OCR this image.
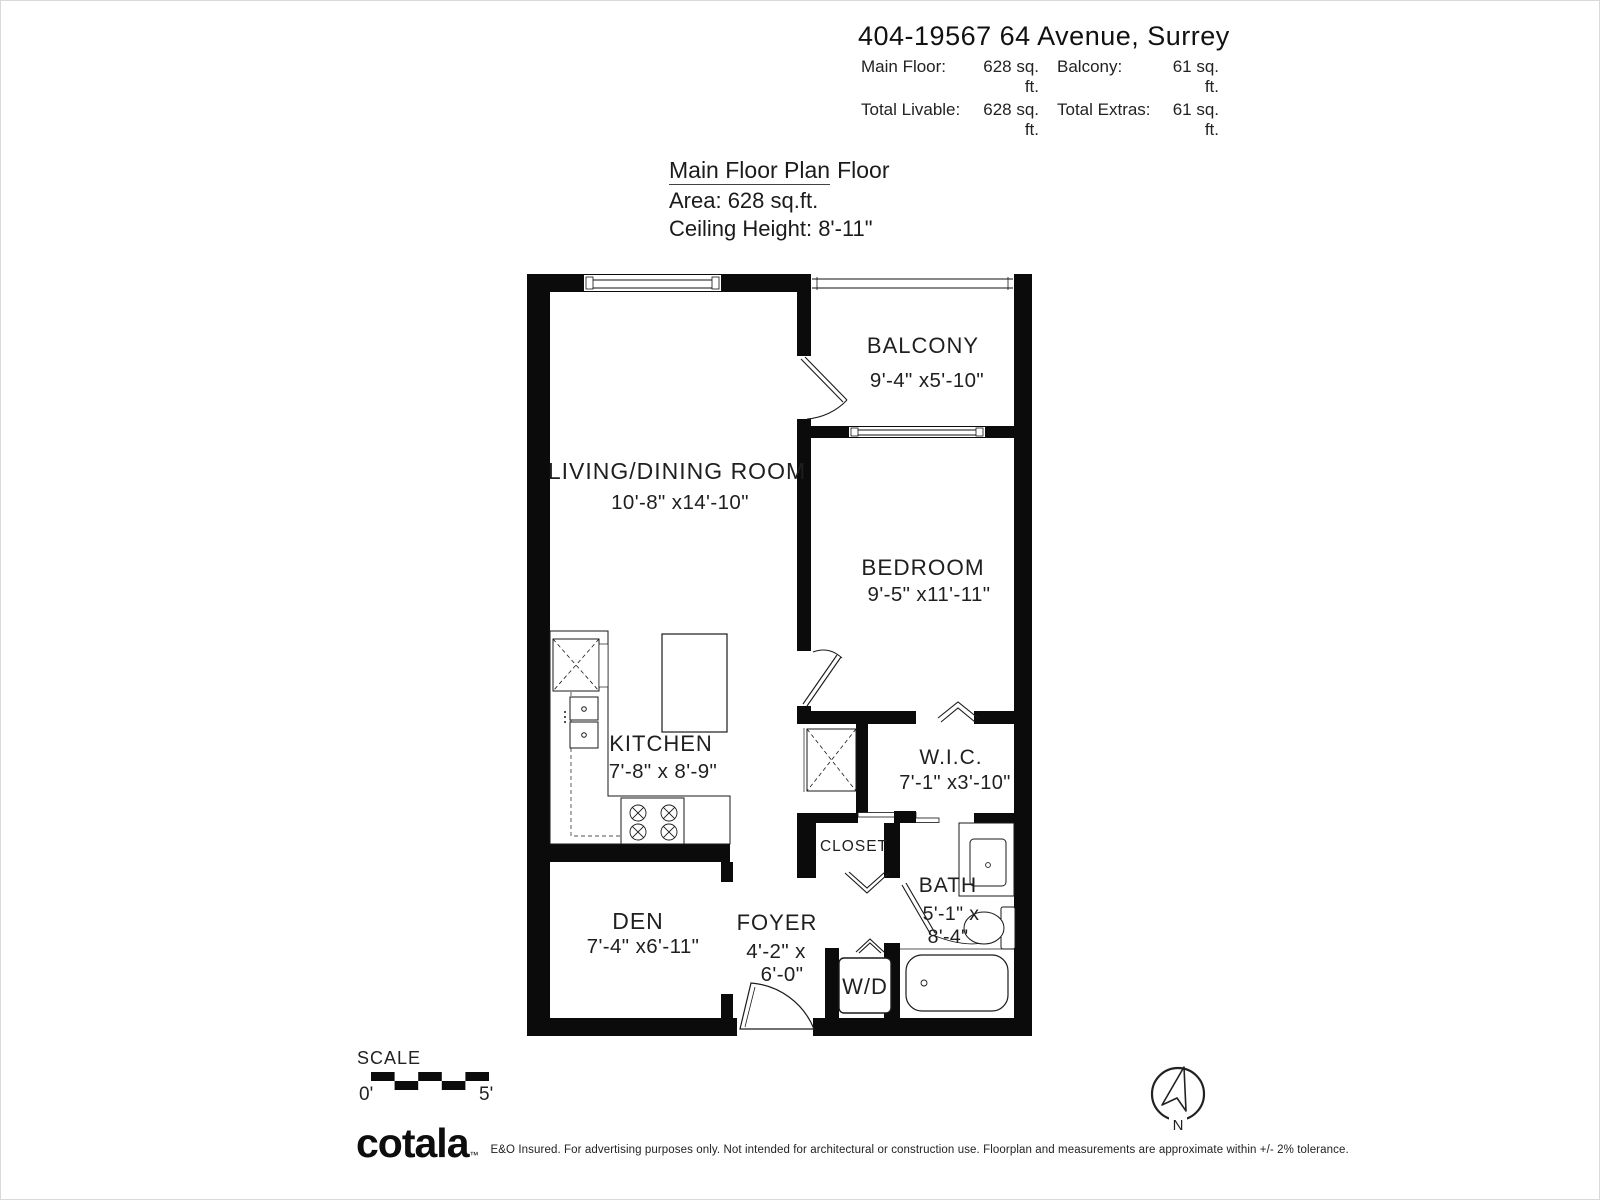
404-19567 64 Avenue, Surrey
Main Floor:	628 sq. ft.
Balcony:	61 sq. ft.
Total Livable:	628 sq. ft.
Total Extras:	61 sq. ft.
Main Floor Plan Floor
Area: 628 sq.ft.
Ceiling Height: 8'-11"
LIVING/DINING ROOM
10'-8" x14'-10"
BALCONY
9'-4" x5'-10"
BEDROOM
9'-5" x11'-11"
KITCHEN
7'-8" x 8'-9"
W.I.C.
7'-1" x3'-10"
CLOSET
DEN
7'-4" x6'-11"
FOYER
4'-2" x
6'-0" W/D
BATH
5'-1" x
8'-4"
SCALE
0'	5'
N
cotala ™ E&O Insured. For advertising purposes only. Not intended for architectural or construction use. Floorplan and measurements are approximate within +/- 2% tolerance.
